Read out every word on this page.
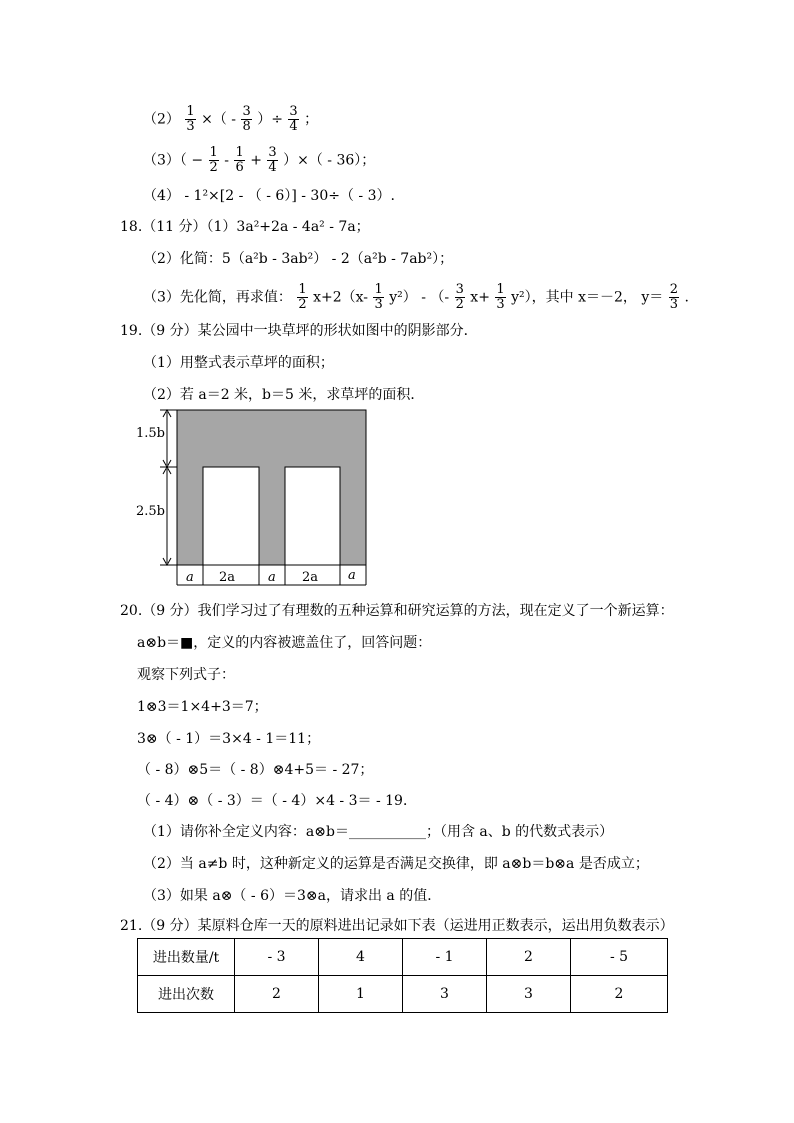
$(2) \frac{1}{3}$ ×（ - $\frac{3}{8}$ ）÷ $\frac{3}{4}$ ；
$(3)( - \frac{1}{2} - \frac{1}{6} + \frac{3}{4}$ ）×（ - 36）；
（4） - 1²×[2 - （ - 6）] - 30÷（ - 3）.
18.（11 分）（1）3a²+2a - 4a² - 7a；
（2）化简：5（a²b - 3ab²） - 2（a²b - 7ab²）；
（3）先化简，再求值： $\frac{1}{2} x+2(x- \frac{1}{3} y^2)$ - （- $\frac{3}{2} x+ \frac{1}{3} y^2$），其中 x＝－2， $y= \frac{2}{3}$ .
19.（9 分）某公园中一块草坪的形状如图中的阴影部分．
（1）用整式表示草坪的面积；
（2）若 a＝2 米，b＝5 米，求草坪的面积．
1.5b
2.5b
a 2a	a 2a a
20.（9 分）我们学习过了有理数的五种运算和研究运算的方法，现在定义了一个新运算：
a⊗b＝■，定义的内容被遮盖住了，回答问题：
观察下列式子：
1⊗3＝1×4+3＝7；
3⊗（ - 1）＝3×4 - 1＝11；
（ - 8）⊗5＝（ - 8）⊗4+5＝ - 27；
（ - 4）⊗（ - 3）＝（ - 4）×4 - 3＝ - 19．
（1）请你补全定义内容：a⊗b＝___________；（用含 a、b 的代数式表示）
（2）当 a≠b 时，这种新定义的运算是否满足交换律，即 a⊗b＝b⊗a 是否成立；
（3）如果 a⊗（ - 6）＝3⊗a，请求出 a 的值．
21.（9 分）某原料仓库一天的原料进出记录如下表（运进用正数表示，运出用负数表示）
进出数量/t	- 3	4	- 1	2	- 5
进出次数	2	1	3	3	2
